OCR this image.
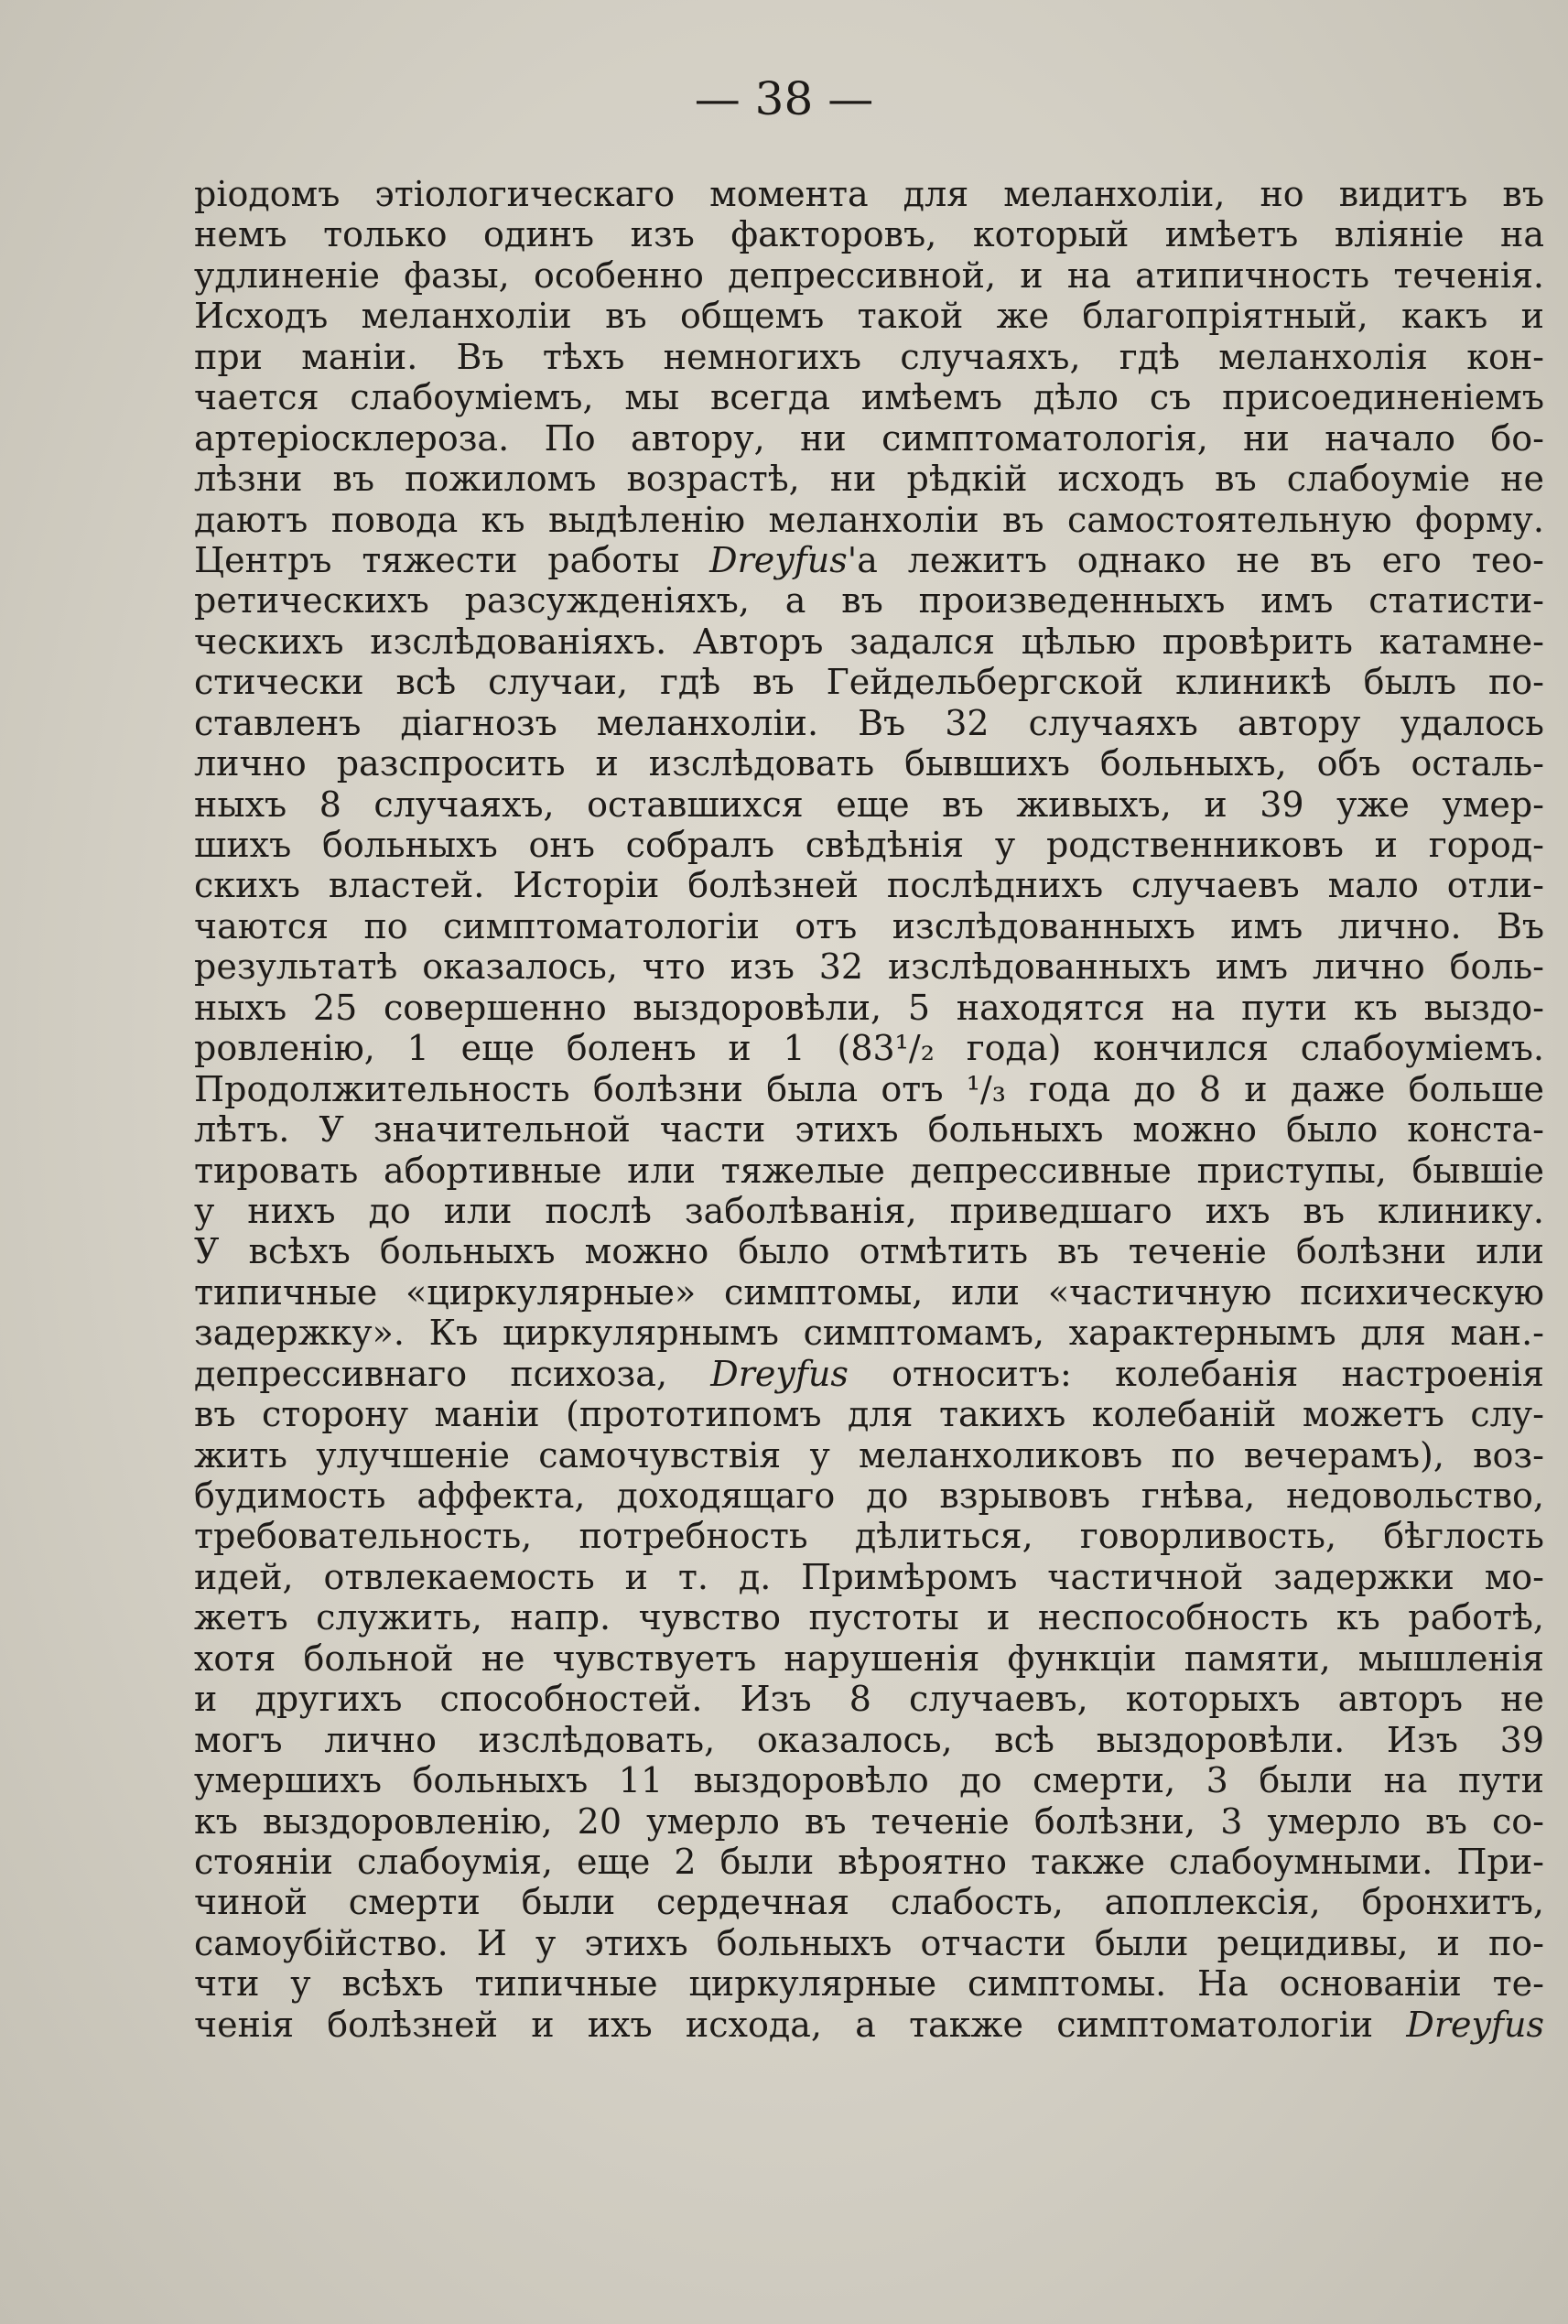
— 38 —

ріодомъ этіологическаго момента для меланхоліи, но видитъ въ
немъ только одинъ изъ факторовъ, который имѣетъ вліяніе на
удлиненіе фазы, особенно депрессивной, и на атипичность теченія.
Исходъ меланхоліи въ общемъ такой же благопріятный, какъ и
при маніи. Въ тѣхъ немногихъ случаяхъ, гдѣ меланхолія кон-
чается слабоуміемъ, мы всегда имѣемъ дѣло съ присоединеніемъ
артеріосклероза. По автору, ни симптоматологія, ни начало бо-
лѣзни въ пожиломъ возрастѣ, ни рѣдкій исходъ въ слабоуміе не
даютъ повода къ выдѣленію меланхоліи въ самостоятельную форму.
Центръ тяжести работы Dreyfus'а лежитъ однако не въ его тео-
ретическихъ разсужденіяхъ, а въ произведенныхъ имъ статисти-
ческихъ изслѣдованіяхъ. Авторъ задался цѣлью провѣрить катамне-
стически всѣ случаи, гдѣ въ Гейдельбергской клиникѣ былъ по-
ставленъ діагнозъ меланхоліи. Въ 32 случаяхъ автору удалось
лично разспросить и изслѣдовать бывшихъ больныхъ, объ осталь-
ныхъ 8 случаяхъ, оставшихся еще въ живыхъ, и 39 уже умер-
шихъ больныхъ онъ собралъ свѣдѣнія у родственниковъ и город-
скихъ властей. Исторіи болѣзней послѣднихъ случаевъ мало отли-
чаются по симптоматологіи отъ изслѣдованныхъ имъ лично. Въ
результатѣ оказалось, что изъ 32 изслѣдованныхъ имъ лично боль-
ныхъ 25 совершенно выздоровѣли, 5 находятся на пути къ выздо-
ровленію, 1 еще боленъ и 1 (83¹/₂ года) кончился слабоуміемъ.
Продолжительность болѣзни была отъ ¹/₃ года до 8 и даже больше
лѣтъ. У значительной части этихъ больныхъ можно было конста-
тировать абортивные или тяжелые депрессивные приступы, бывшіе
у нихъ до или послѣ заболѣванія, приведшаго ихъ въ клинику.
У всѣхъ больныхъ можно было отмѣтить въ теченіе болѣзни или
типичные «циркулярные» симптомы, или «частичную психическую
задержку». Къ циркулярнымъ симптомамъ, характернымъ для ман.-
депрессивнаго психоза, Dreyfus относитъ: колебанія настроенія
въ сторону маніи (прототипомъ для такихъ колебаній можетъ слу-
жить улучшеніе самочувствія у меланхоликовъ по вечерамъ), воз-
будимость аффекта, доходящаго до взрывовъ гнѣва, недовольство,
требовательность, потребность дѣлиться, говорливость, бѣглость
идей, отвлекаемость и т. д. Примѣромъ частичной задержки мо-
жетъ служить, напр. чувство пустоты и неспособность къ работѣ,
хотя больной не чувствуетъ нарушенія функціи памяти, мышленія
и другихъ способностей. Изъ 8 случаевъ, которыхъ авторъ не
могъ лично изслѣдовать, оказалось, всѣ выздоровѣли. Изъ 39
умершихъ больныхъ 11 выздоровѣло до смерти, 3 были на пути
къ выздоровленію, 20 умерло въ теченіе болѣзни, 3 умерло въ со-
стояніи слабоумія, еще 2 были вѣроятно также слабоумными. При-
чиной смерти были сердечная слабость, апоплексія, бронхитъ,
самоубійство. И у этихъ больныхъ отчасти были рецидивы, и по-
чти у всѣхъ типичные циркулярные симптомы. На основаніи те-
ченія болѣзней и ихъ исхода, а также симптоматологіи Dreyfus
